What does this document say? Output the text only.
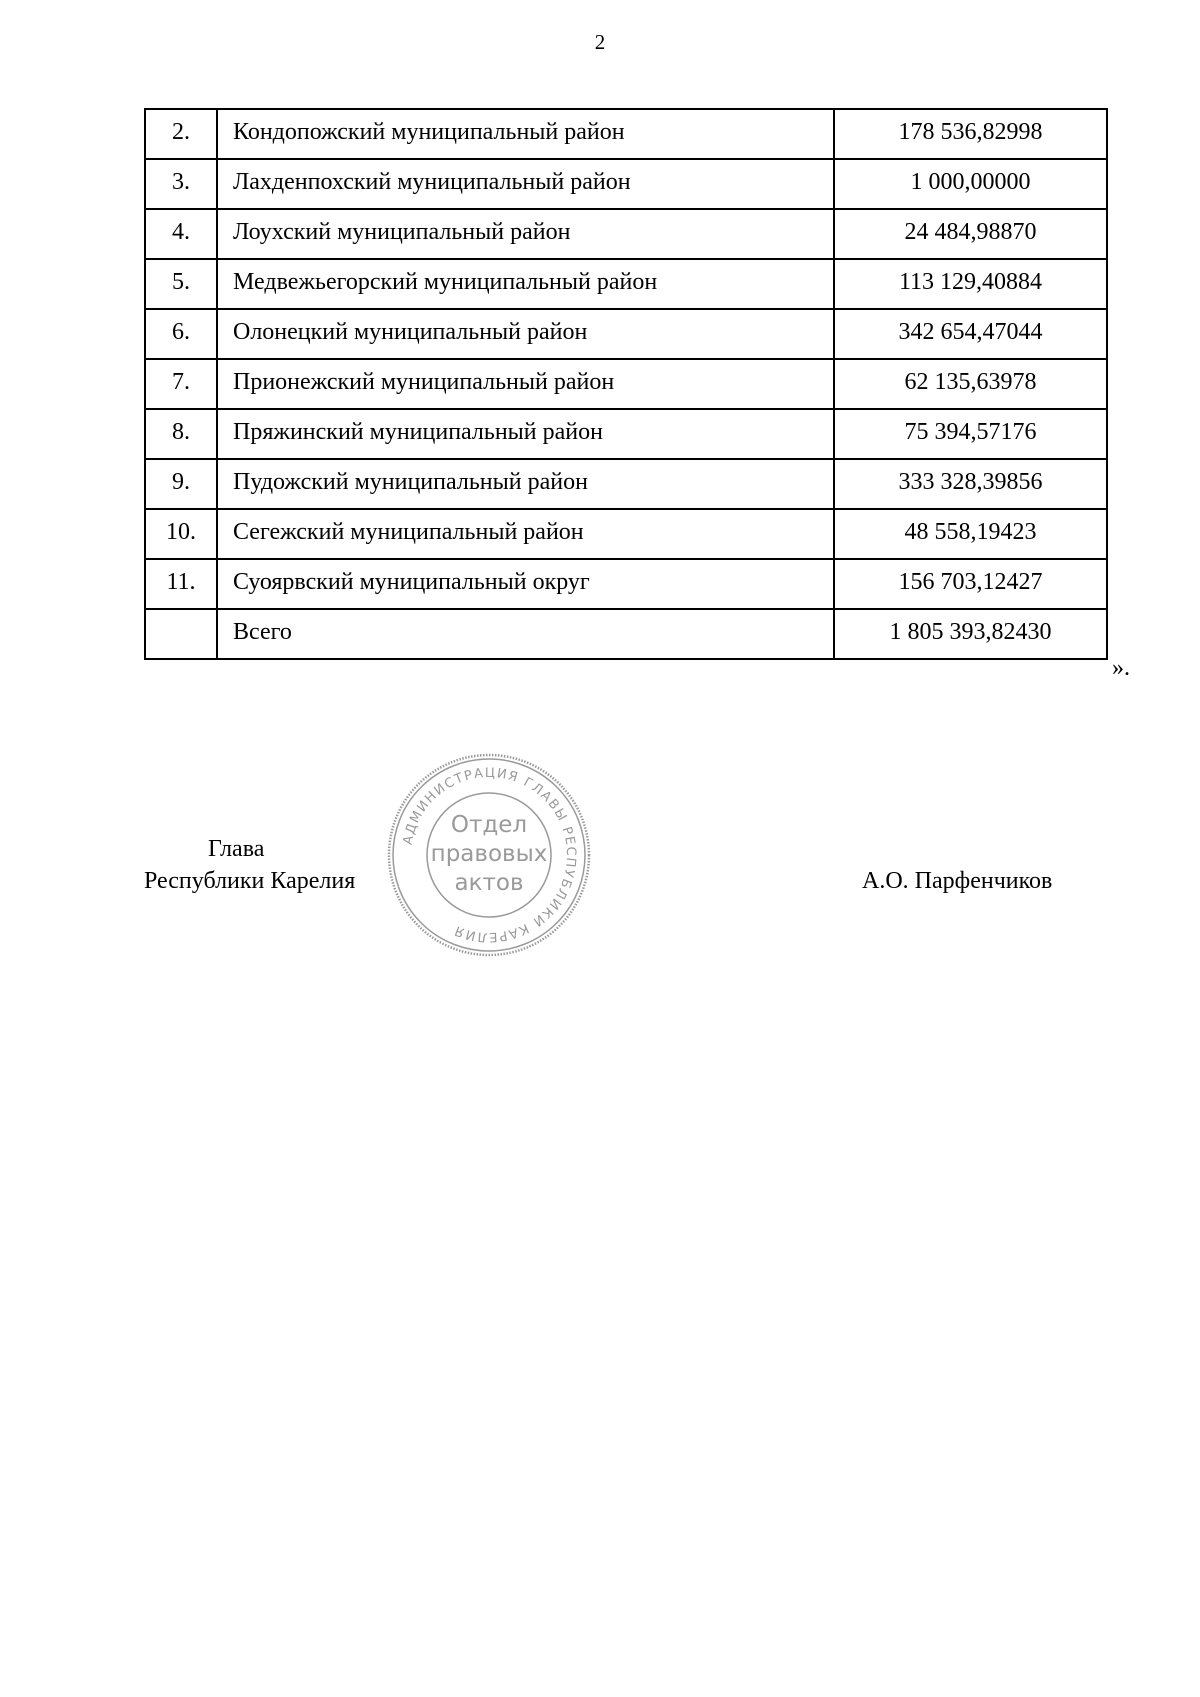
2
2.	Кондопожский муниципальный район	178 536,82998
3.	Лахденпохский муниципальный район	1 000,00000
4.	Лоухский муниципальный район	24 484,98870
5.	Медвежьегорский муниципальный район	113 129,40884
6.	Олонецкий муниципальный район	342 654,47044
7.	Прионежский муниципальный район	62 135,63978
8.	Пряжинский муниципальный район	75 394,57176
9.	Пудожский муниципальный район	333 328,39856
10.	Сегежский муниципальный район	48 558,19423
11.	Суоярвский муниципальный округ	156 703,12427
	Всего	1 805 393,82430
».
Глава
Республики Карелия	А.О. Парфенчиков
АДМИНИСТРАЦИЯ ГЛАВЫ РЕСПУБЛИКИ КАРЕЛИЯ
Отдел
правовых
актов
